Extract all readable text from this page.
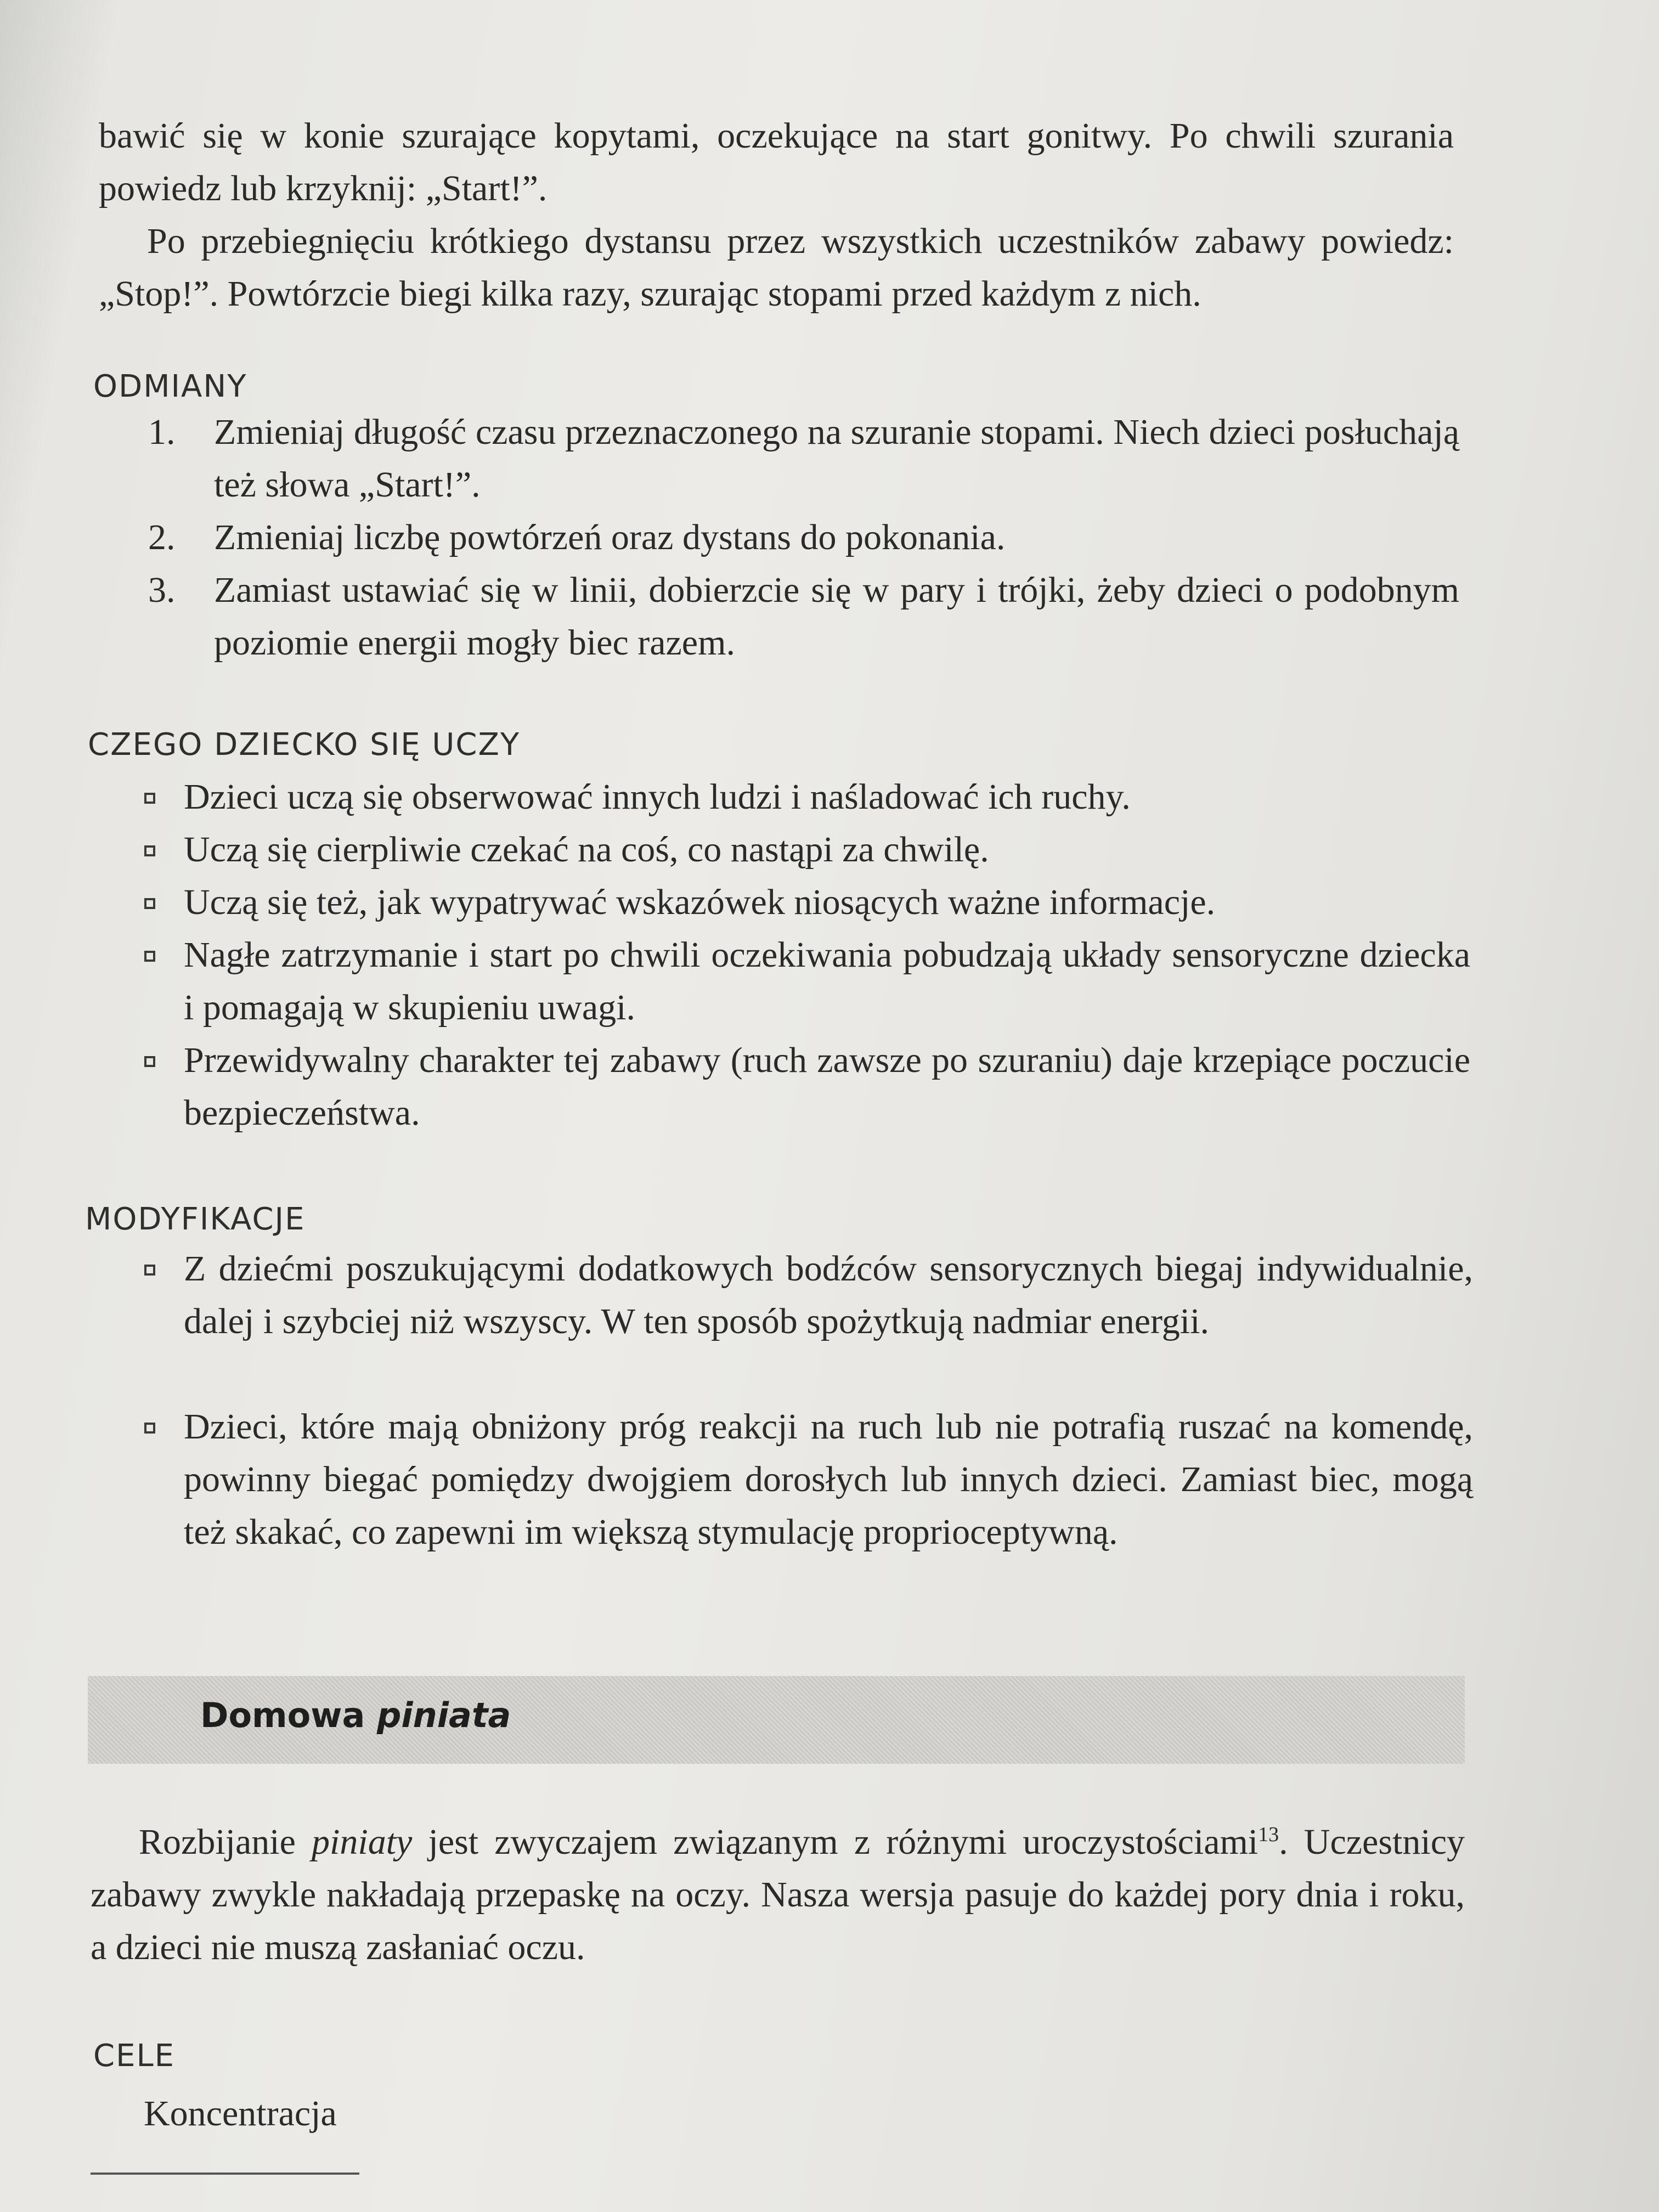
bawić się w konie szurające kopytami, oczekujące na start gonitwy. Po chwili szurania powiedz lub krzyknij: „Start!”.
Po przebiegnięciu krótkiego dystansu przez wszystkich uczestników zabawy powiedz: „Stop!”. Powtórzcie biegi kilka razy, szurając stopami przed każdym z nich.
ODMIANY
1. Zmieniaj długość czasu przeznaczonego na szuranie stopami. Niech dzieci posłuchają też słowa „Start!”.
2. Zmieniaj liczbę powtórzeń oraz dystans do pokonania.
3. Zamiast ustawiać się w linii, dobierzcie się w pary i trójki, żeby dzieci o podobnym poziomie energii mogły biec razem.
CZEGO DZIECKO SIĘ UCZY
Dzieci uczą się obserwować innych ludzi i naśladować ich ruchy.
Uczą się cierpliwie czekać na coś, co nastąpi za chwilę.
Uczą się też, jak wypatrywać wskazówek niosących ważne informacje.
Nagłe zatrzymanie i start po chwili oczekiwania pobudzają układy sensoryczne dziecka i pomagają w skupieniu uwagi.
Przewidywalny charakter tej zabawy (ruch zawsze po szuraniu) daje krzepiące poczucie bezpieczeństwa.
MODYFIKACJE
Z dziećmi poszukującymi dodatkowych bodźców sensorycznych biegaj indywidualnie, dalej i szybciej niż wszyscy. W ten sposób spożytkują nadmiar energii.
Dzieci, które mają obniżony próg reakcji na ruch lub nie potrafią ruszać na komendę, powinny biegać pomiędzy dwojgiem dorosłych lub innych dzieci. Zamiast biec, mogą też skakać, co zapewni im większą stymulację proprioceptywną.
Domowa piniata
Rozbijanie piniaty jest zwyczajem związanym z różnymi uroczystościami$^{13}$. Uczestnicy zabawy zwykle nakładają przepaskę na oczy. Nasza wersja pasuje do każdej pory dnia i roku, a dzieci nie muszą zasłaniać oczu.
CELE
Koncentracja
